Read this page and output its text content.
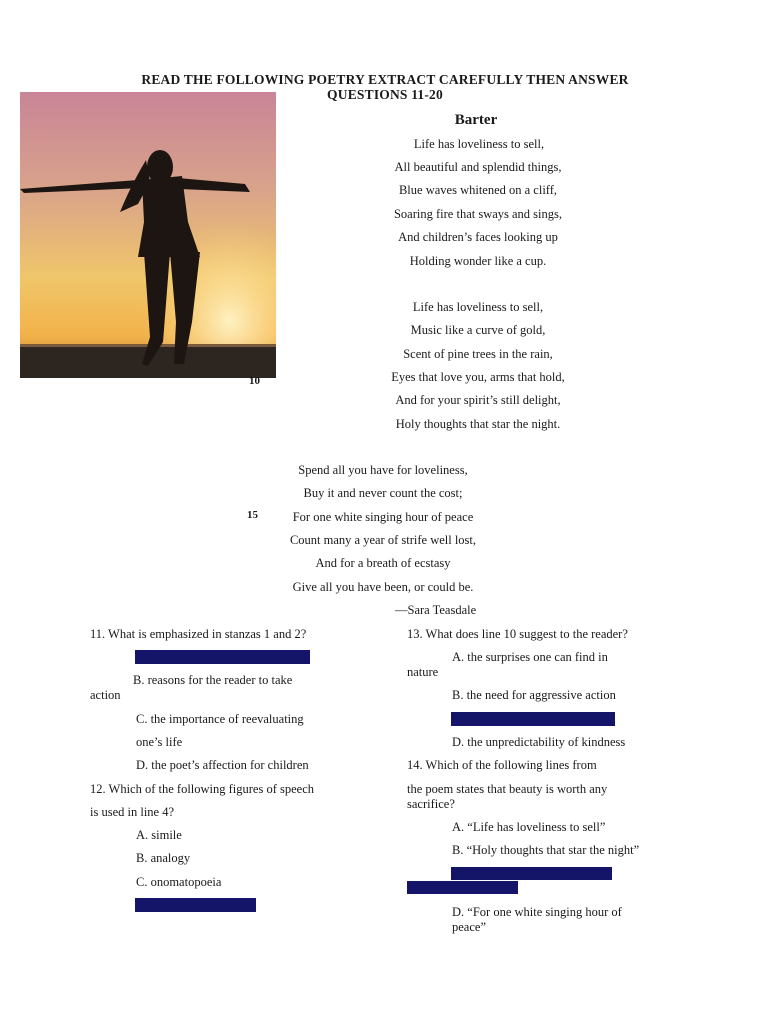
READ THE FOLLOWING POETRY EXTRACT CAREFULLY THEN ANSWER
QUESTIONS 11-20
Barter
Life has loveliness to sell,
All beautiful and splendid things,
Blue waves whitened on a cliff,
Soaring fire that sways and sings,
And children’s faces looking up
Holding wonder like a cup.
Life has loveliness to sell,
Music like a curve of gold,
Scent of pine trees in the rain,
Eyes that love you, arms that hold,
And for your spirit’s still delight,
Holy thoughts that star the night.
10
Spend all you have for loveliness,
Buy it and never count the cost;
For one white singing hour of peace
Count many a year of strife well lost,
And for a breath of ecstasy
Give all you have been, or could be.
15
—Sara Teasdale
11. What is emphasized in stanzas 1 and 2?
B. reasons for the reader to take
action
C. the importance of reevaluating
one’s life
D. the poet’s affection for children
12. Which of the following figures of speech
is used in line 4?
A. simile
B. analogy
C. onomatopoeia
13. What does line 10 suggest to the reader?
A. the surprises one can find in
nature
B. the need for aggressive action
D. the unpredictability of kindness
14. Which of the following lines from
the poem states that beauty is worth any
sacrifice?
A. “Life has loveliness to sell”
B. “Holy thoughts that star the night”
D. “For one white singing hour of
peace”
